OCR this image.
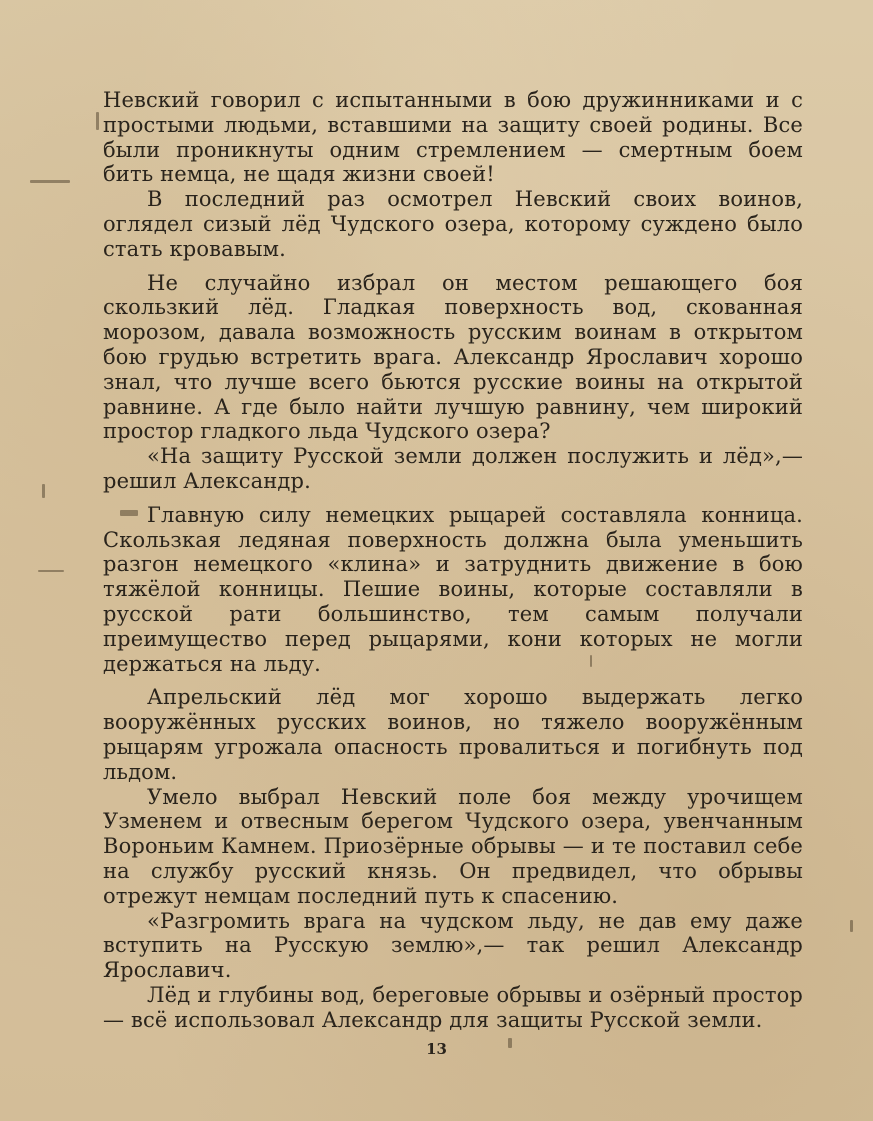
Невский говорил с испытанными в бою дружинниками и с простыми людьми, вставшими на защиту своей родины. Все были проникнуты одним стремлением — смертным боем бить немца, не щадя жизни своей!

В последний раз осмотрел Невский своих воинов, оглядел сизый лёд Чудского озера, которому суждено было стать кровавым.

Не случайно избрал он местом решающего боя скользкий лёд. Гладкая поверхность вод, скованная морозом, давала возможность русским воинам в открытом бою грудью встретить врага. Александр Ярославич хорошо знал, что лучше всего бьются русские воины на открытой равнине. А где было найти лучшую равнину, чем широкий простор гладкого льда Чудского озера?

«На защиту Русской земли должен послужить и лёд»,— решил Александр.

Главную силу немецких рыцарей составляла конница. Скользкая ледяная поверхность должна была уменьшить разгон немецкого «клина» и затруднить движение в бою тяжёлой конницы. Пешие воины, которые составляли в русской рати большинство, тем самым получали преимущество перед рыцарями, кони которых не могли держаться на льду.

Апрельский лёд мог хорошо выдержать легко вооружённых русских воинов, но тяжело вооружённым рыцарям угрожала опасность провалиться и погибнуть под льдом.

Умело выбрал Невский поле боя между урочищем Узменем и отвесным берегом Чудского озера, увенчанным Вороньим Камнем. Приозёрные обрывы — и те поставил себе на службу русский князь. Он предвидел, что обрывы отрежут немцам последний путь к спасению.

«Разгромить врага на чудском льду, не дав ему даже вступить на Русскую землю»,— так решил Александр Ярославич.

Лёд и глубины вод, береговые обрывы и озёрный простор — всё использовал Александр для защиты Русской земли.

13
